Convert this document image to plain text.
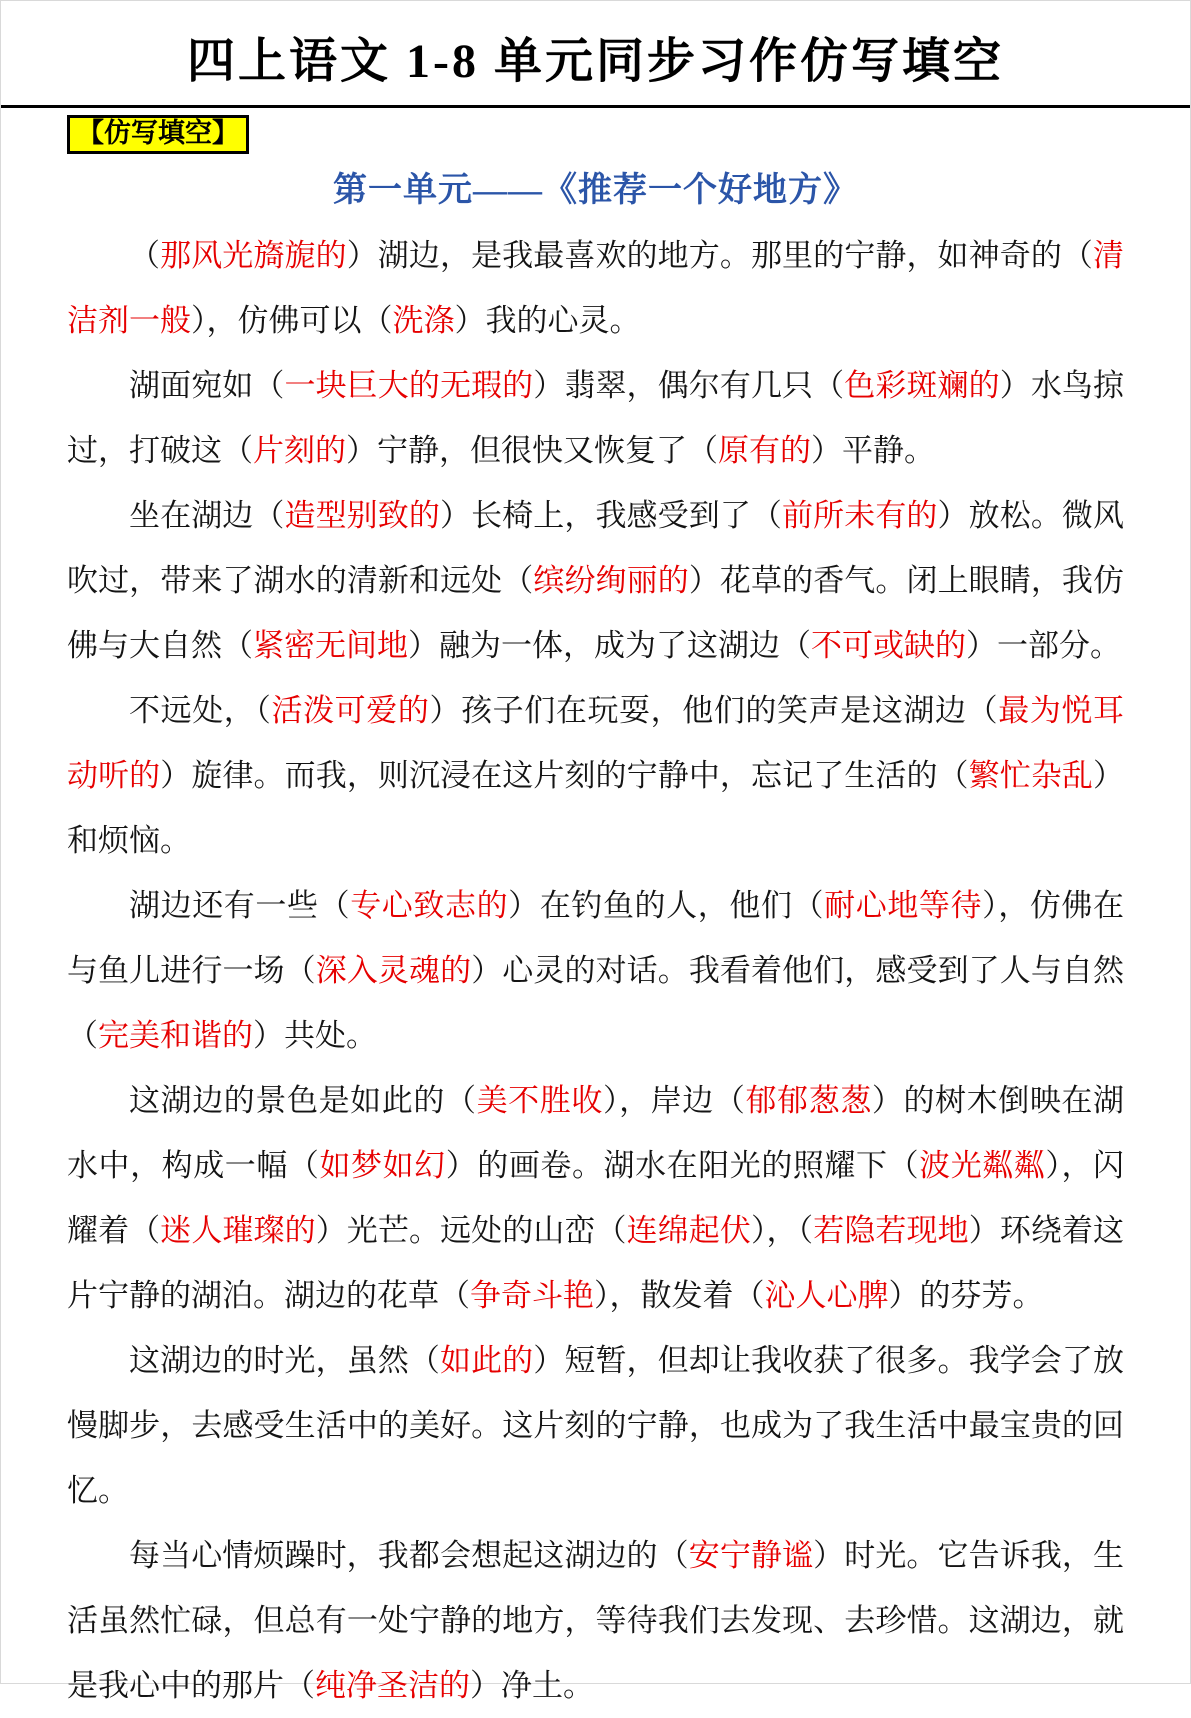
四上语文 1-8 单元同步习作仿写填空
【仿写填空】
第一单元——《推荐一个好地方》

（那风光旖旎的）湖边，是我最喜欢的地方。那里的宁静，如神奇的（清洁剂一般），仿佛可以（洗涤）我的心灵。

湖面宛如（一块巨大的无瑕的）翡翠，偶尔有几只（色彩斑斓的）水鸟掠过，打破这（片刻的）宁静，但很快又恢复了（原有的）平静。

坐在湖边（造型别致的）长椅上，我感受到了（前所未有的）放松。微风吹过，带来了湖水的清新和远处（缤纷绚丽的）花草的香气。闭上眼睛，我仿佛与大自然（紧密无间地）融为一体，成为了这湖边（不可或缺的）一部分。

不远处，（活泼可爱的）孩子们在玩耍，他们的笑声是这湖边（最为悦耳动听的）旋律。而我，则沉浸在这片刻的宁静中，忘记了生活的（繁忙杂乱）和烦恼。

湖边还有一些（专心致志的）在钓鱼的人，他们（耐心地等待），仿佛在与鱼儿进行一场（深入灵魂的）心灵的对话。我看着他们，感受到了人与自然（完美和谐的）共处。

这湖边的景色是如此的（美不胜收），岸边（郁郁葱葱）的树木倒映在湖水中，构成一幅（如梦如幻）的画卷。湖水在阳光的照耀下（波光粼粼），闪耀着（迷人璀璨的）光芒。远处的山峦（连绵起伏），（若隐若现地）环绕着这片宁静的湖泊。湖边的花草（争奇斗艳），散发着（沁人心脾）的芬芳。

这湖边的时光，虽然（如此的）短暂，但却让我收获了很多。我学会了放慢脚步，去感受生活中的美好。这片刻的宁静，也成为了我生活中最宝贵的回忆。

每当心情烦躁时，我都会想起这湖边的（安宁静谧）时光。它告诉我，生活虽然忙碌，但总有一处宁静的地方，等待我们去发现、去珍惜。这湖边，就是我心中的那片（纯净圣洁的）净土。
